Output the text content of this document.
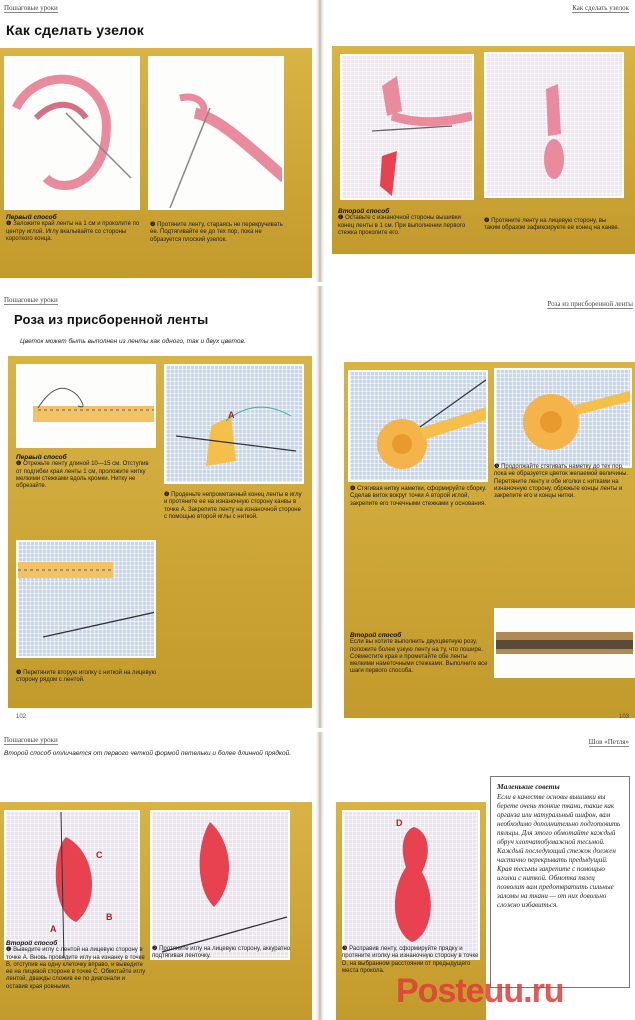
Пошаговые уроки	Как сделать узелок
Как сделать узелок
Первый способ
❶ Заложите край ленты на 1 см и проколите по центру иглой. Иглу вкалывайте со стороны короткого конца.
❷ Протяните ленту, стараясь не перекручивать ее. Подтягивайте ее до тех пор, пока не образуется плоский узелок.
Второй способ
❶ Оставьте с изнаночной стороны вышивки конец ленты в 1 см. При выполнении первого стежка проколите его.
❷ Протяните ленту на лицевую сторону, вы таким образом зафиксируете ее конец на канве.
Пошаговые уроки	Роза из присборенной ленты
Роза из присборенной ленты
Цветок может быть выполнен из ленты как одного, так и двух цветов.
A
Первый способ
❶ Отрежьте ленту длиной 10—15 см. Отступив от подгибки края ленты 1 см, проложите нитку мелкими стежками вдоль кромки. Нитку не обрезайте.
❷ Проденьте непрометанный конец ленты в иглу и протяните ее на изнаночную сторону канвы в точке А. Закрепите ленту на изнаночной стороне с помощью второй иглы с ниткой.
❸ Перетяните вторую иголку с ниткой на лицевую сторону рядом с лентой.
❹ Стягивая нитку наметки, сформируйте сборку. Сделав виток вокруг точки А второй иглой, закрепите его точечными стежками у основания.
❺ Продолжайте стягивать наметку до тех пор, пока не образуется цветок желаемой величины. Перетяните ленту и обе иголки с нитками на изнаночную сторону, обрежьте концы ленты и закрепите его и концы нитки.
Второй способ
Если вы хотите выполнить двухцветную розу, положите более узкую ленту на ту, что пошире. Совместите края и прометайте обе ленты мелкими наметочными стежками. Выполните все шаги первого способа.
102	103
Пошаговые уроки	Шов «Петля»
Второй способ отличается от первого четкой формой петельки и более длинной прядкой.
C
A
B
D
Второй способ
❶ Выведите иглу с лентой на лицевую сторону в точке А. Вновь проведите иглу на изнанку в точке В, отступив на одну клеточку вправо, и выведите ее на лицевой стороне в точке С. Обмотайте иглу лентой, дважды сложив ее по диагонали и оставив края ровными.
❷ Протяните иглу на лицевую сторону, аккуратно подтягивая ленточку.
❸ Расправив ленту, сформируйте прядку и протяните иголку на изнаночную сторону в точке D, на выбранном расстоянии от предыдущего места прокола.
Маленькие советы
Если в качестве основы вышивки вы берете очень тонкие ткани, такие как органза или натуральный шифон, вам необходимо дополнительно подготовить пяльцы. Для этого обмотайте каждый обруч хлопчатобумажной тесьмой. Каждый последующий стежок должен частично перекрывать предыдущий. Края тесьмы закрепите с помощью иголки с ниткой. Обмотка пялец позволит вам предотвратить сильные заломы на ткани — от них довольно сложно избавиться.
Posteuu.ru
